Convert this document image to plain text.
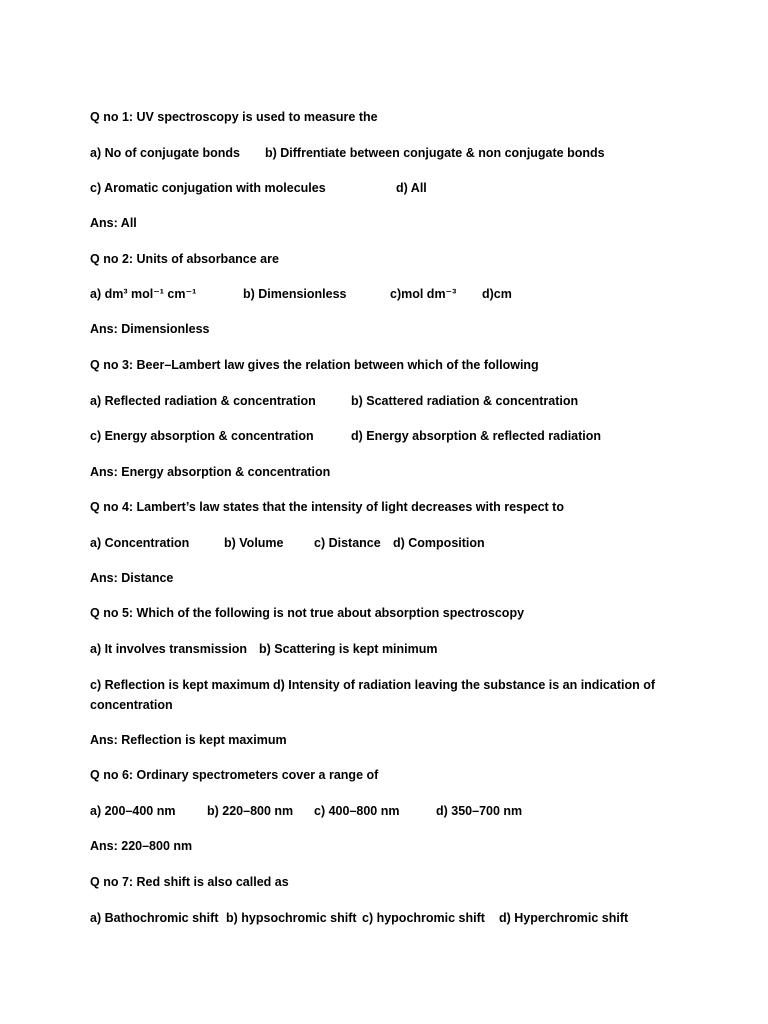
Q no 1: UV spectroscopy is used to measure the
a) No of conjugate bonds b) Diffrentiate between conjugate & non conjugate bonds
c) Aromatic conjugation with molecules	d) All
Ans: All
Q no 2: Units of absorbance are
a) dm³ mol⁻¹ cm⁻¹	b) Dimensionless	c)mol dm⁻³ d)cm
Ans: Dimensionless
Q no 3: Beer–Lambert law gives the relation between which of the following
a) Reflected radiation & concentration	b) Scattered radiation & concentration
c) Energy absorption & concentration	d) Energy absorption & reflected radiation
Ans: Energy absorption & concentration
Q no 4: Lambert’s law states that the intensity of light decreases with respect to
a) Concentration	b) Volume c) Distance d) Composition
Ans: Distance
Q no 5: Which of the following is not true about absorption spectroscopy
a) It involves transmission b) Scattering is kept minimum
c) Reflection is kept maximum d) Intensity of radiation leaving the substance is an indication of
concentration
Ans: Reflection is kept maximum
Q no 6: Ordinary spectrometers cover a range of
a) 200–400 nm	b) 220–800 nm c) 400–800 nm	d) 350–700 nm
Ans: 220–800 nm
Q no 7: Red shift is also called as
a) Bathochromic shift b) hypsochromic shift c) hypochromic shift d) Hyperchromic shift
